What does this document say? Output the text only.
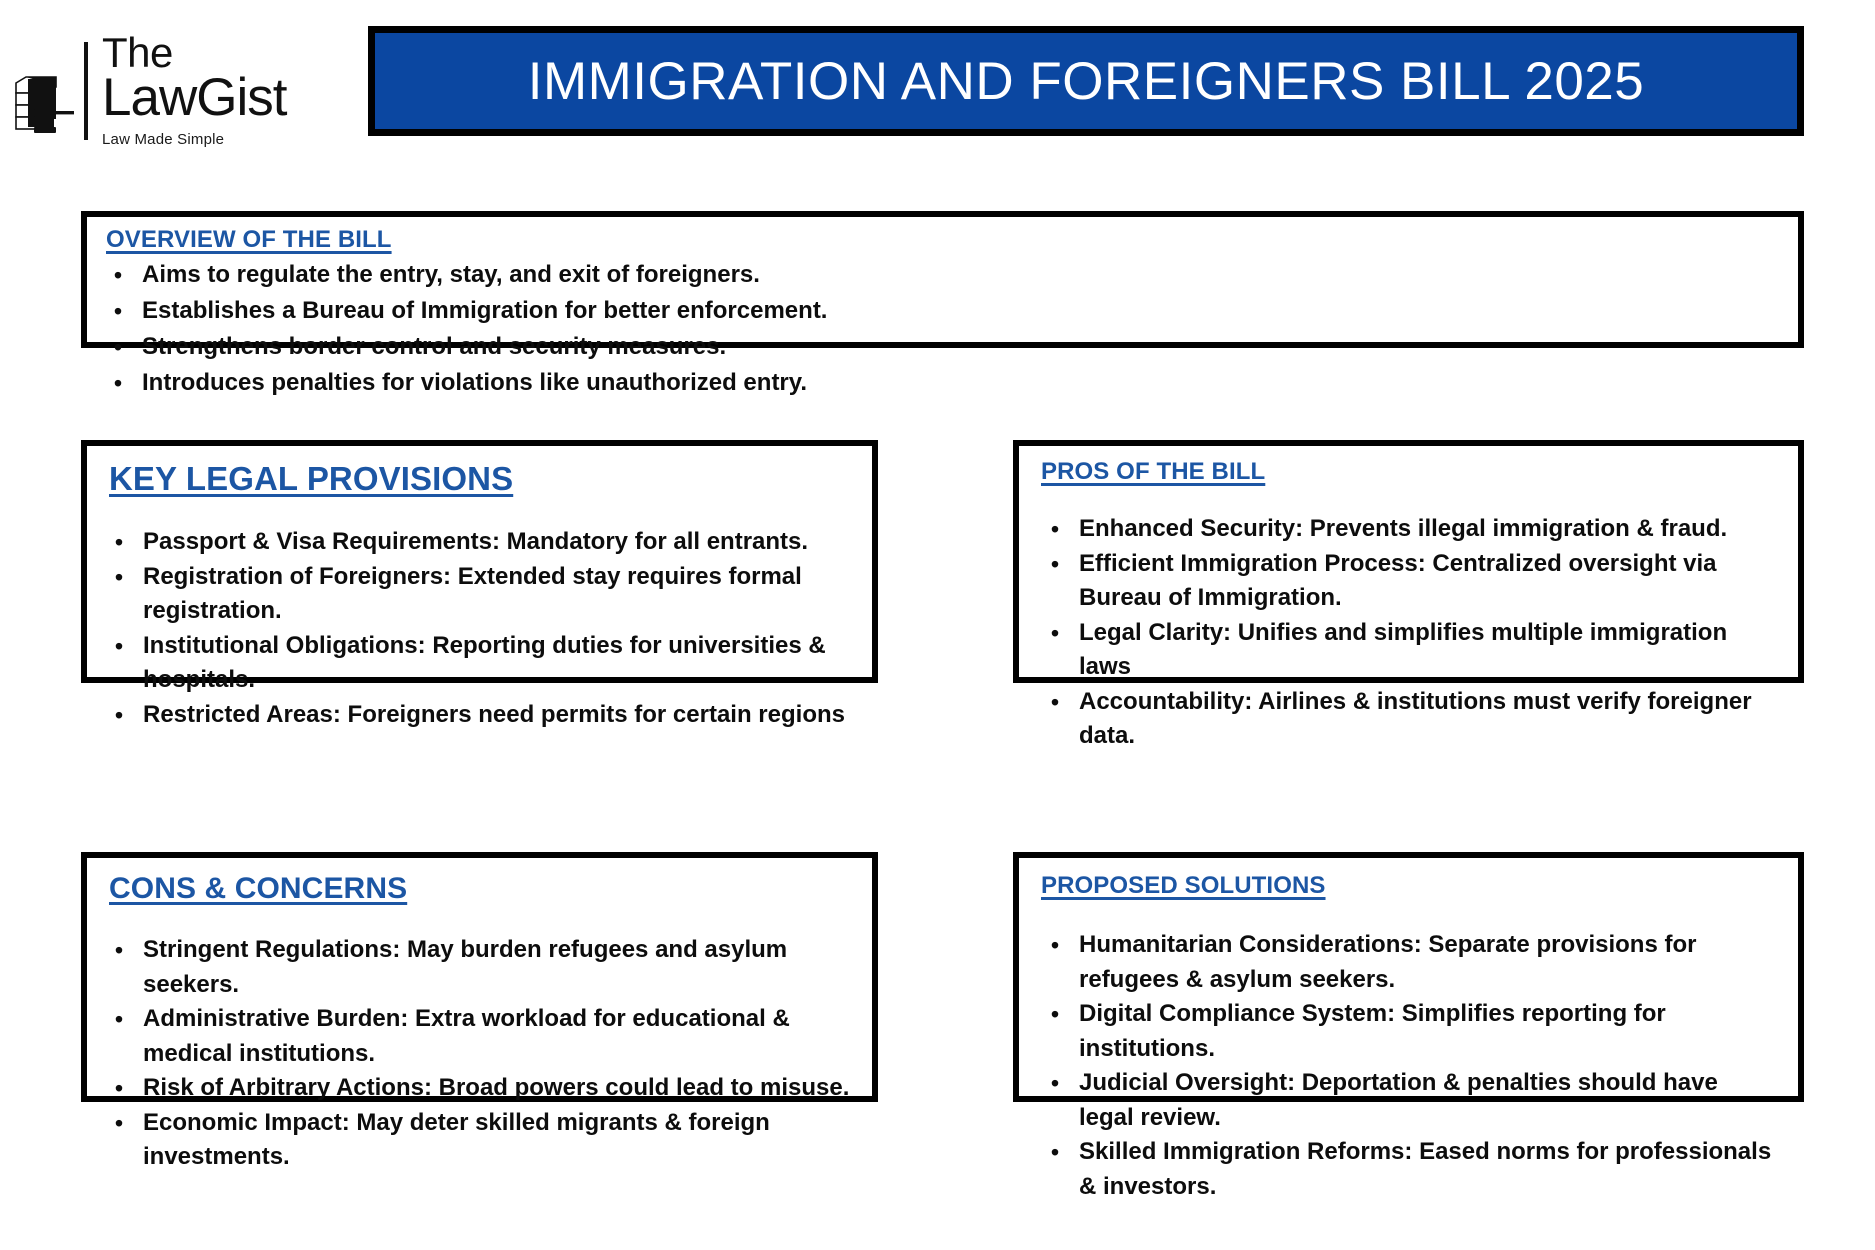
The
LawGist
Law Made Simple
IMMIGRATION AND FOREIGNERS BILL 2025
OVERVIEW OF THE BILL
• Aims to regulate the entry, stay, and exit of foreigners.
• Establishes a Bureau of Immigration for better enforcement.
• Strengthens border control and security measures.
• Introduces penalties for violations like unauthorized entry.
KEY LEGAL PROVISIONS
• Passport & Visa Requirements: Mandatory for all entrants.
• Registration of Foreigners: Extended stay requires formal registration.
• Institutional Obligations: Reporting duties for universities & hospitals.
• Restricted Areas: Foreigners need permits for certain regions
PROS OF THE BILL
• Enhanced Security: Prevents illegal immigration & fraud.
• Efficient Immigration Process: Centralized oversight via Bureau of Immigration.
• Legal Clarity: Unifies and simplifies multiple immigration laws
• Accountability: Airlines & institutions must verify foreigner data.
CONS & CONCERNS
• Stringent Regulations: May burden refugees and asylum seekers.
• Administrative Burden: Extra workload for educational & medical institutions.
• Risk of Arbitrary Actions: Broad powers could lead to misuse.
• Economic Impact: May deter skilled migrants & foreign investments.
PROPOSED SOLUTIONS
• Humanitarian Considerations: Separate provisions for refugees & asylum seekers.
• Digital Compliance System: Simplifies reporting for institutions.
• Judicial Oversight: Deportation & penalties should have legal review.
• Skilled Immigration Reforms: Eased norms for professionals & investors.
